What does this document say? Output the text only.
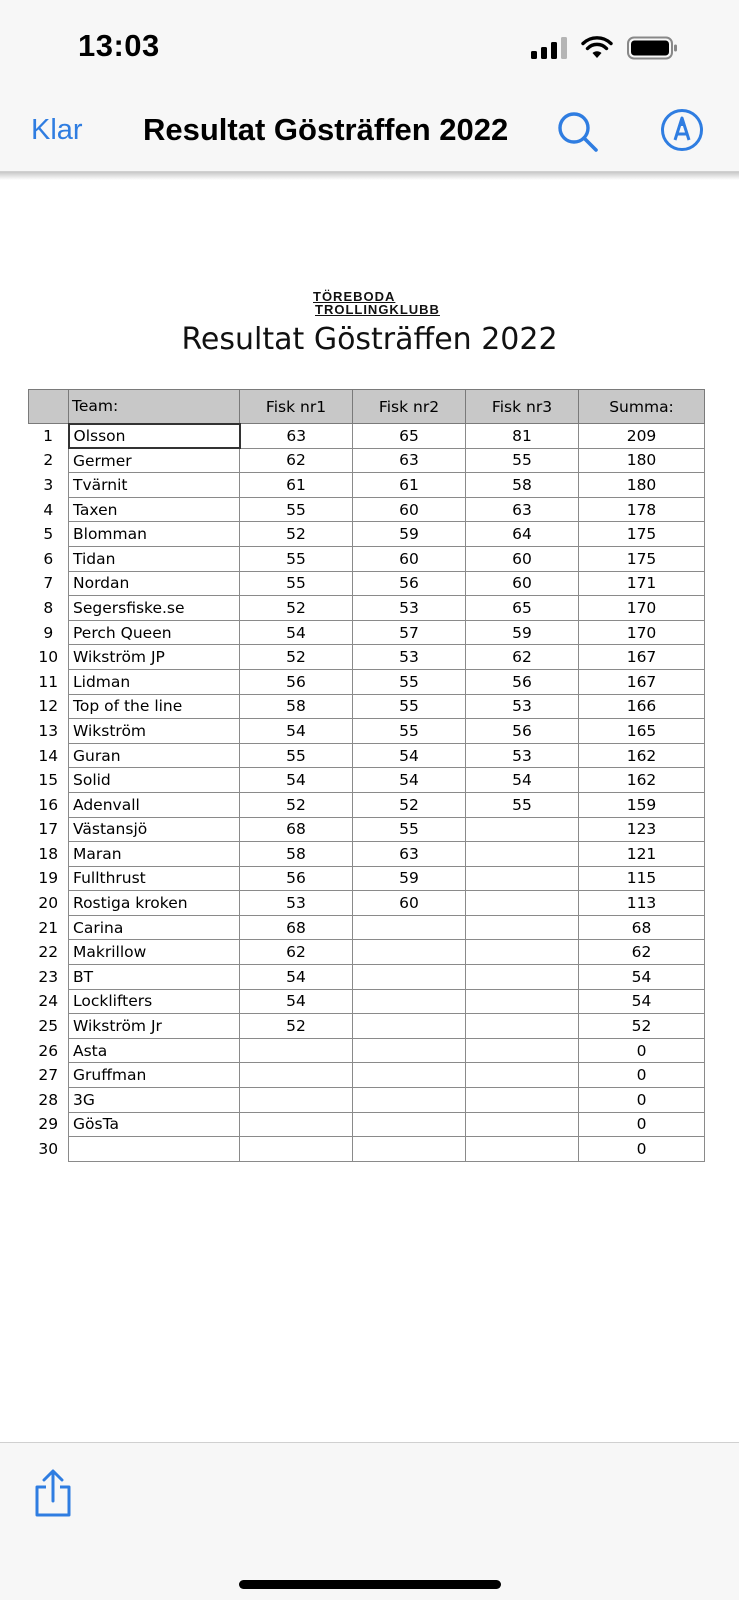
13:03
Klar Resultat Gösträffen 2022
TÖREBODA
TROLLINGKLUBB
Resultat Gösträffen 2022
	Team:	Fisk nr1	Fisk nr2	Fisk nr3	Summa:
1	Olsson	63	65	81	209
2	Germer	62	63	55	180
3	Tvärnit	61	61	58	180
4	Taxen	55	60	63	178
5	Blomman	52	59	64	175
6	Tidan	55	60	60	175
7	Nordan	55	56	60	171
8	Segersfiske.se	52	53	65	170
9	Perch Queen	54	57	59	170
10	Wikström JP	52	53	62	167
11	Lidman	56	55	56	167
12	Top of the line	58	55	53	166
13	Wikström	54	55	56	165
14	Guran	55	54	53	162
15	Solid	54	54	54	162
16	Adenvall	52	52	55	159
17	Västansjö	68	55		123
18	Maran	58	63		121
19	Fullthrust	56	59		115
20	Rostiga kroken	53	60		113
21	Carina	68			68
22	Makrillow	62			62
23	BT	54			54
24	Locklifters	54			54
25	Wikström Jr	52			52
26	Asta				0
27	Gruffman				0
28	3G				0
29	GösTa				0
30					0
